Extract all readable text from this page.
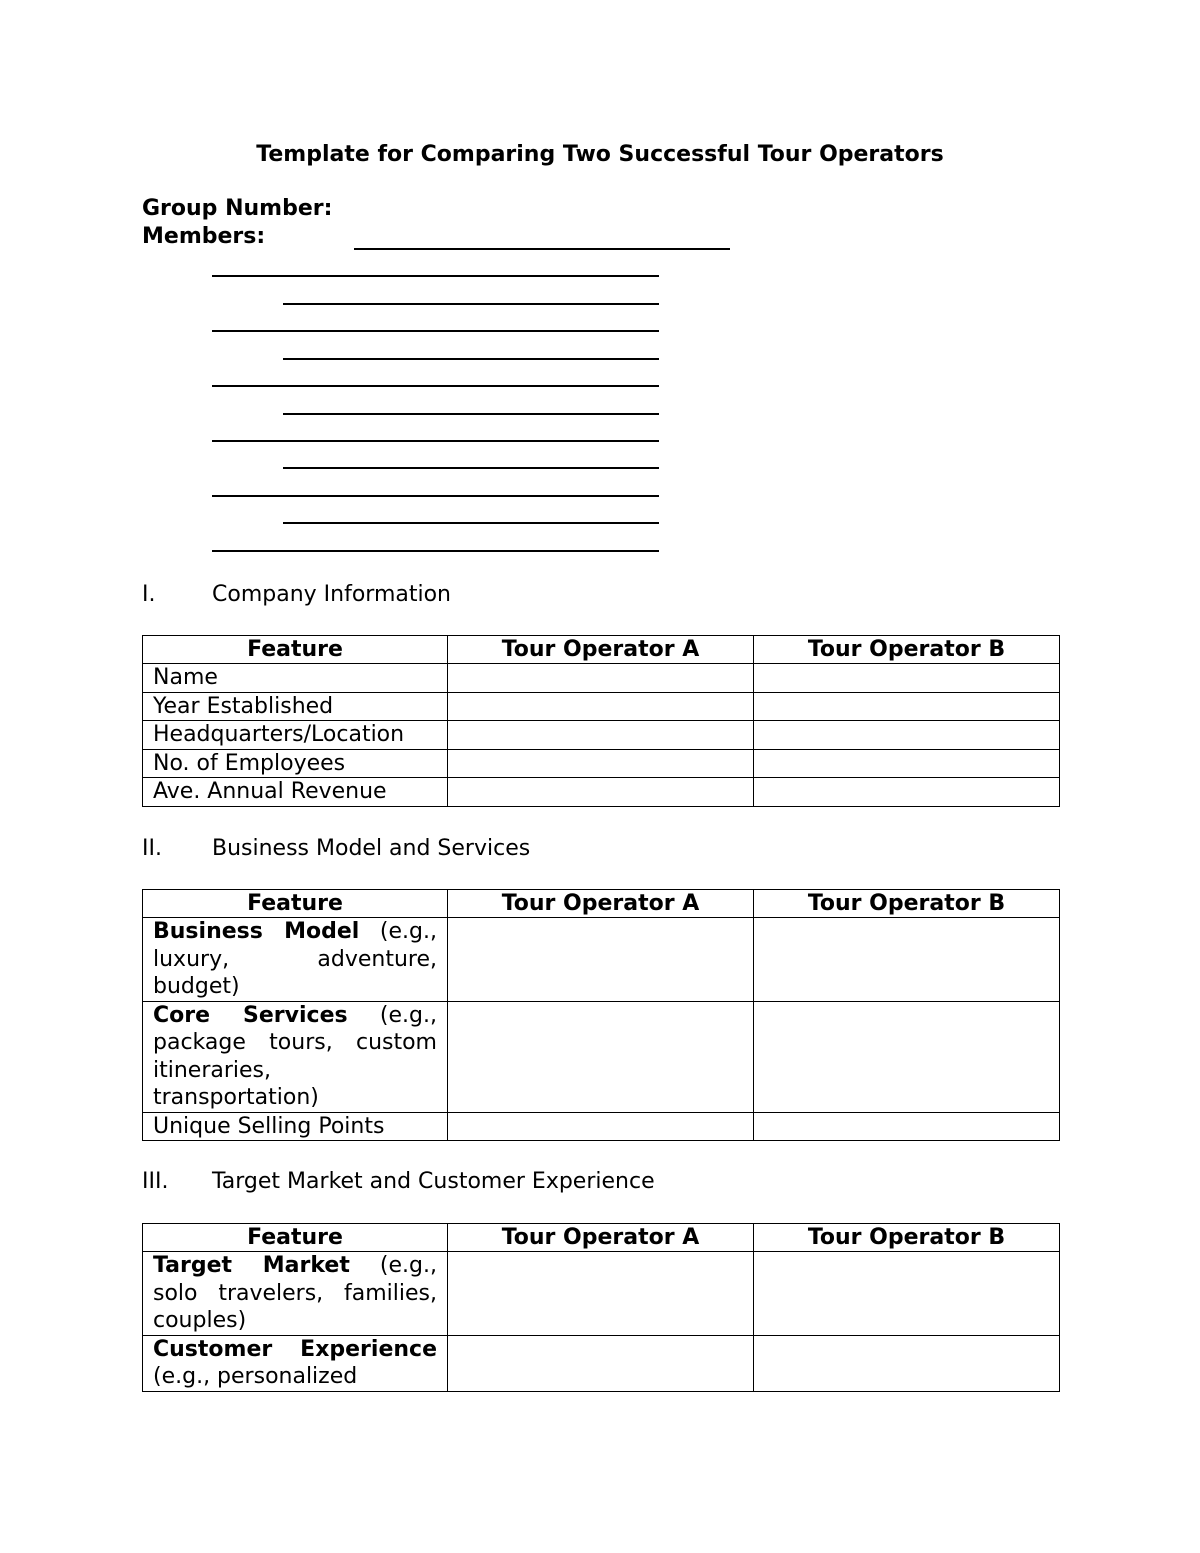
Template for Comparing Two Successful Tour Operators
Group Number:
Members:
I.	Company Information
Feature	Tour Operator A	Tour Operator B
Name		
Year Established		
Headquarters/Location		
No. of Employees		
Ave. Annual Revenue		
II. Business Model and Services
Feature	Tour Operator A	Tour Operator B
Business Model (e.g., luxury, adventure, budget)		
Core Services (e.g., package tours, custom itineraries, transportation)		
Unique Selling Points		
III. Target Market and Customer Experience
Feature	Tour Operator A	Tour Operator B
Target Market (e.g., solo travelers, families, couples)		
Customer Experience (e.g., personalized		
